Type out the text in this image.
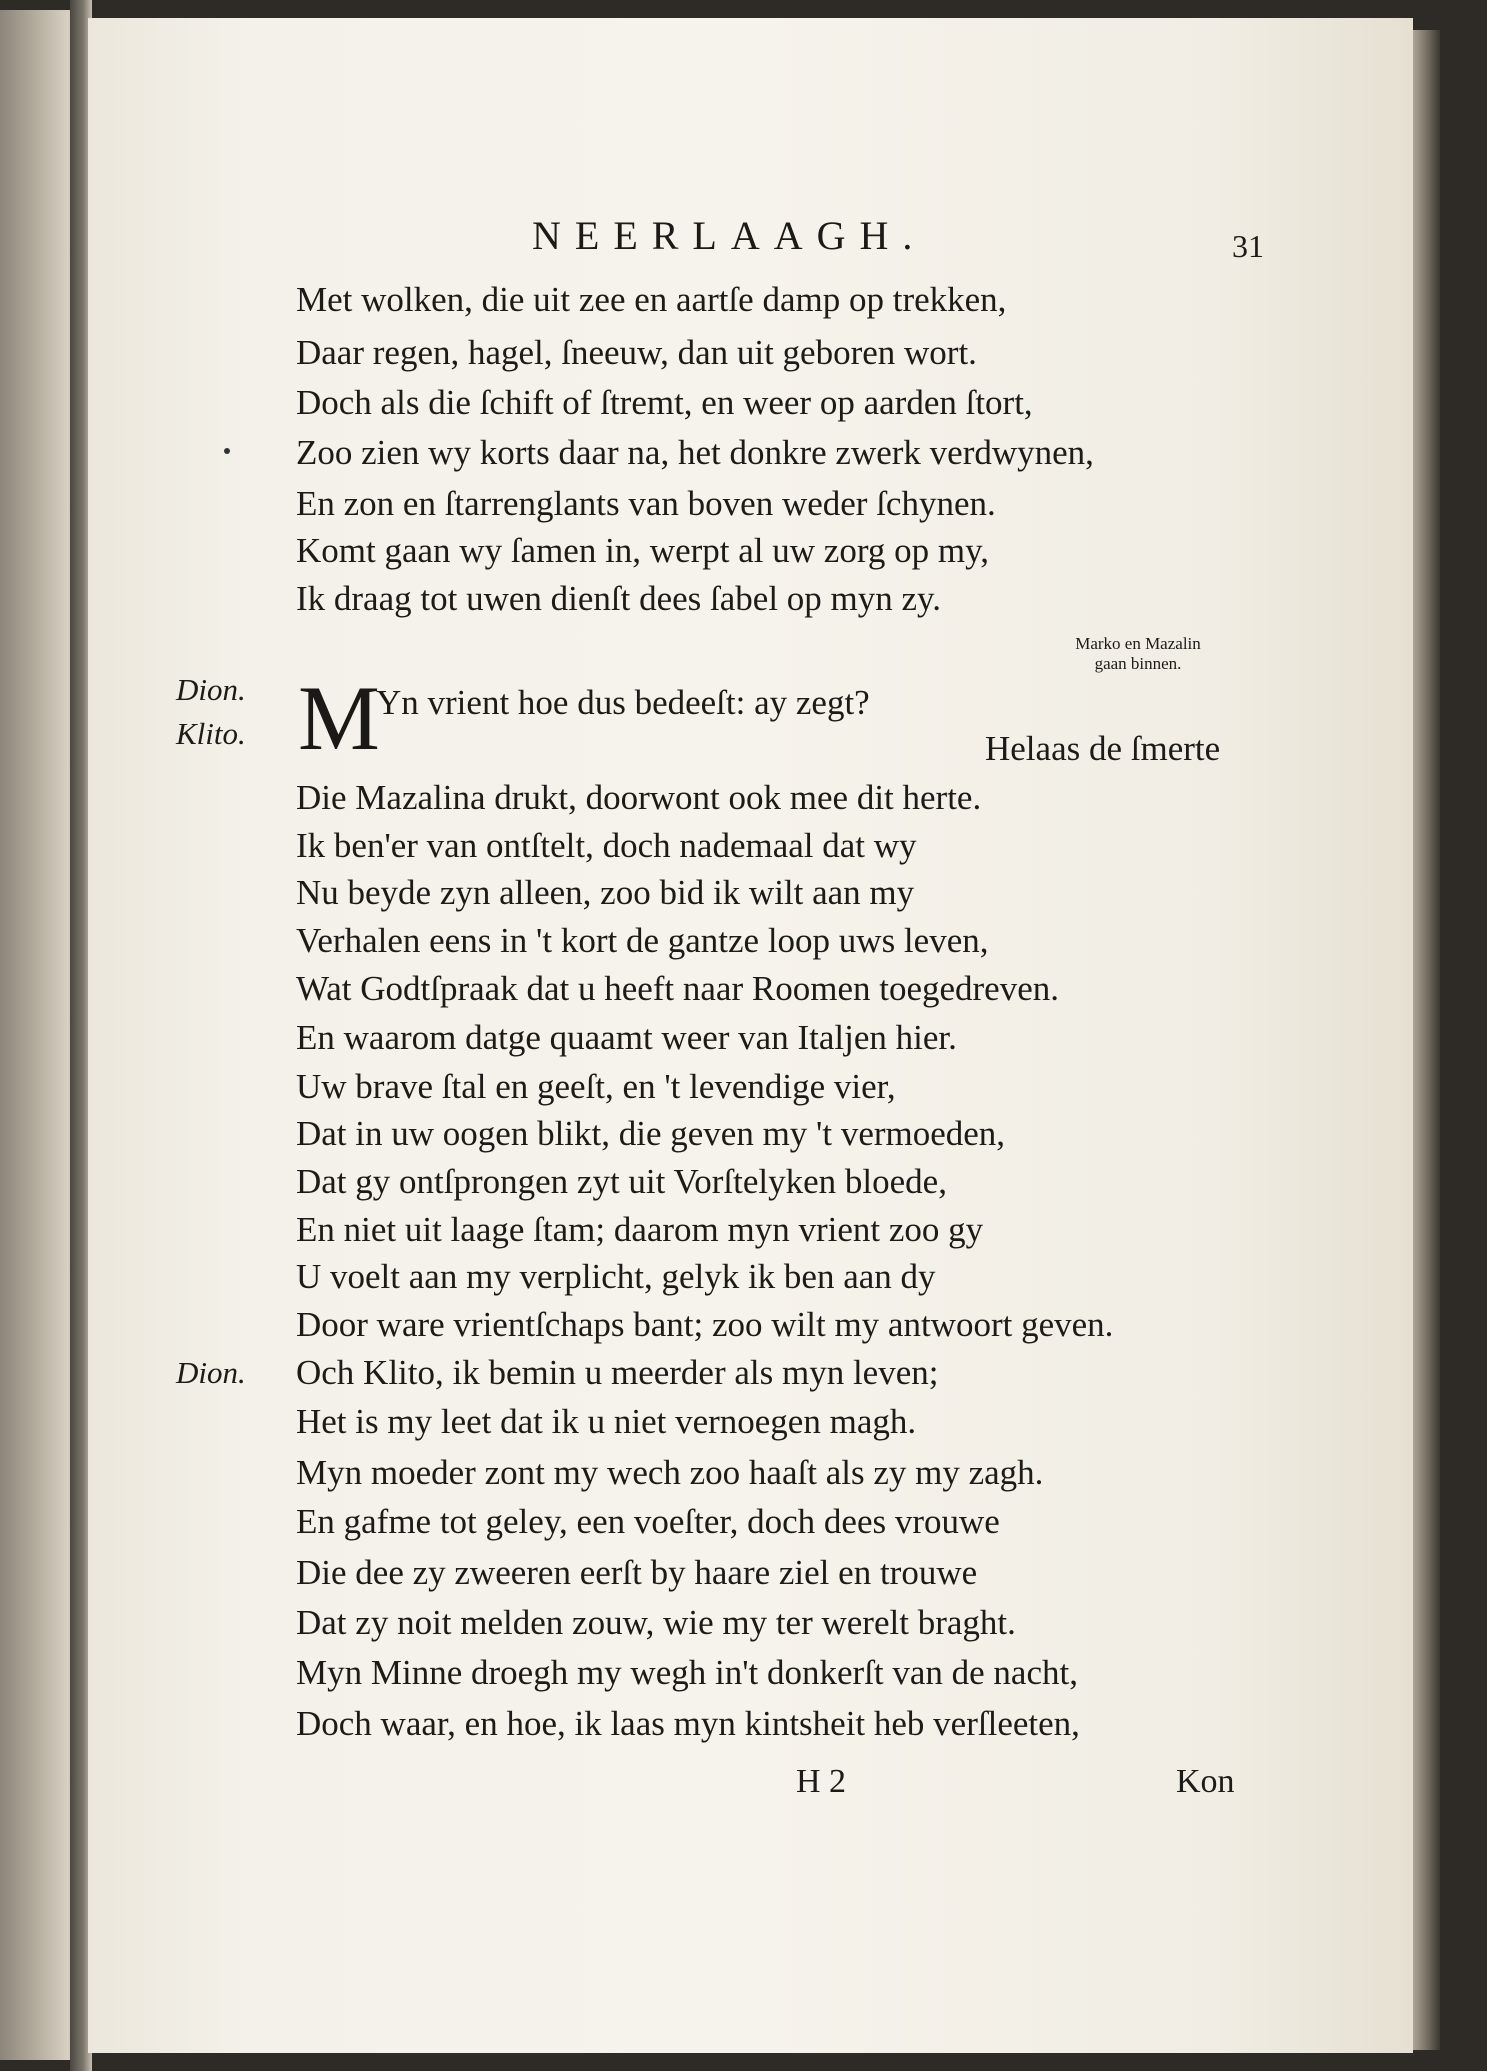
NEERLAAGH.	31
Met wolken, die uit zee en aartſe damp op trekken,
Daar regen, hagel, ſneeuw, dan uit geboren wort.
Doch als die ſchift of ſtremt, en weer op aarden ſtort,
Zoo zien wy korts daar na, het donkre zwerk verdwynen,
En zon en ſtarrenglants van boven weder ſchynen.
Komt gaan wy ſamen in, werpt al uw zorg op my,
Ik draag tot uwen dienſt dees ſabel op myn zy.
Marko en Mazalin gaan binnen.
Dion.
Klito. M
Yn vrient hoe dus bedeeſt: ay zegt?
Helaas de ſmerte
Die Mazalina drukt, doorwont ook mee dit herte.
Ik ben'er van ontſtelt, doch nademaal dat wy
Nu beyde zyn alleen, zoo bid ik wilt aan my
Verhalen eens in 't kort de gantze loop uws leven,
Wat Godtſpraak dat u heeft naar Roomen toegedreven.
En waarom datge quaamt weer van Italjen hier.
Uw brave ſtal en geeſt, en 't levendige vier,
Dat in uw oogen blikt, die geven my 't vermoeden,
Dat gy ontſprongen zyt uit Vorſtelyken bloede,
En niet uit laage ſtam; daarom myn vrient zoo gy
U voelt aan my verplicht, gelyk ik ben aan dy
Door ware vrientſchaps bant; zoo wilt my antwoort geven.
Dion. Och Klito, ik bemin u meerder als myn leven;
Het is my leet dat ik u niet vernoegen magh.
Myn moeder zont my wech zoo haaſt als zy my zagh.
En gafme tot geley, een voeſter, doch dees vrouwe
Die dee zy zweeren eerſt by haare ziel en trouwe
Dat zy noit melden zouw, wie my ter werelt braght.
Myn Minne droegh my wegh in't donkerſt van de nacht,
Doch waar, en hoe, ik laas myn kintsheit heb verſleeten,
H 2	Kon
